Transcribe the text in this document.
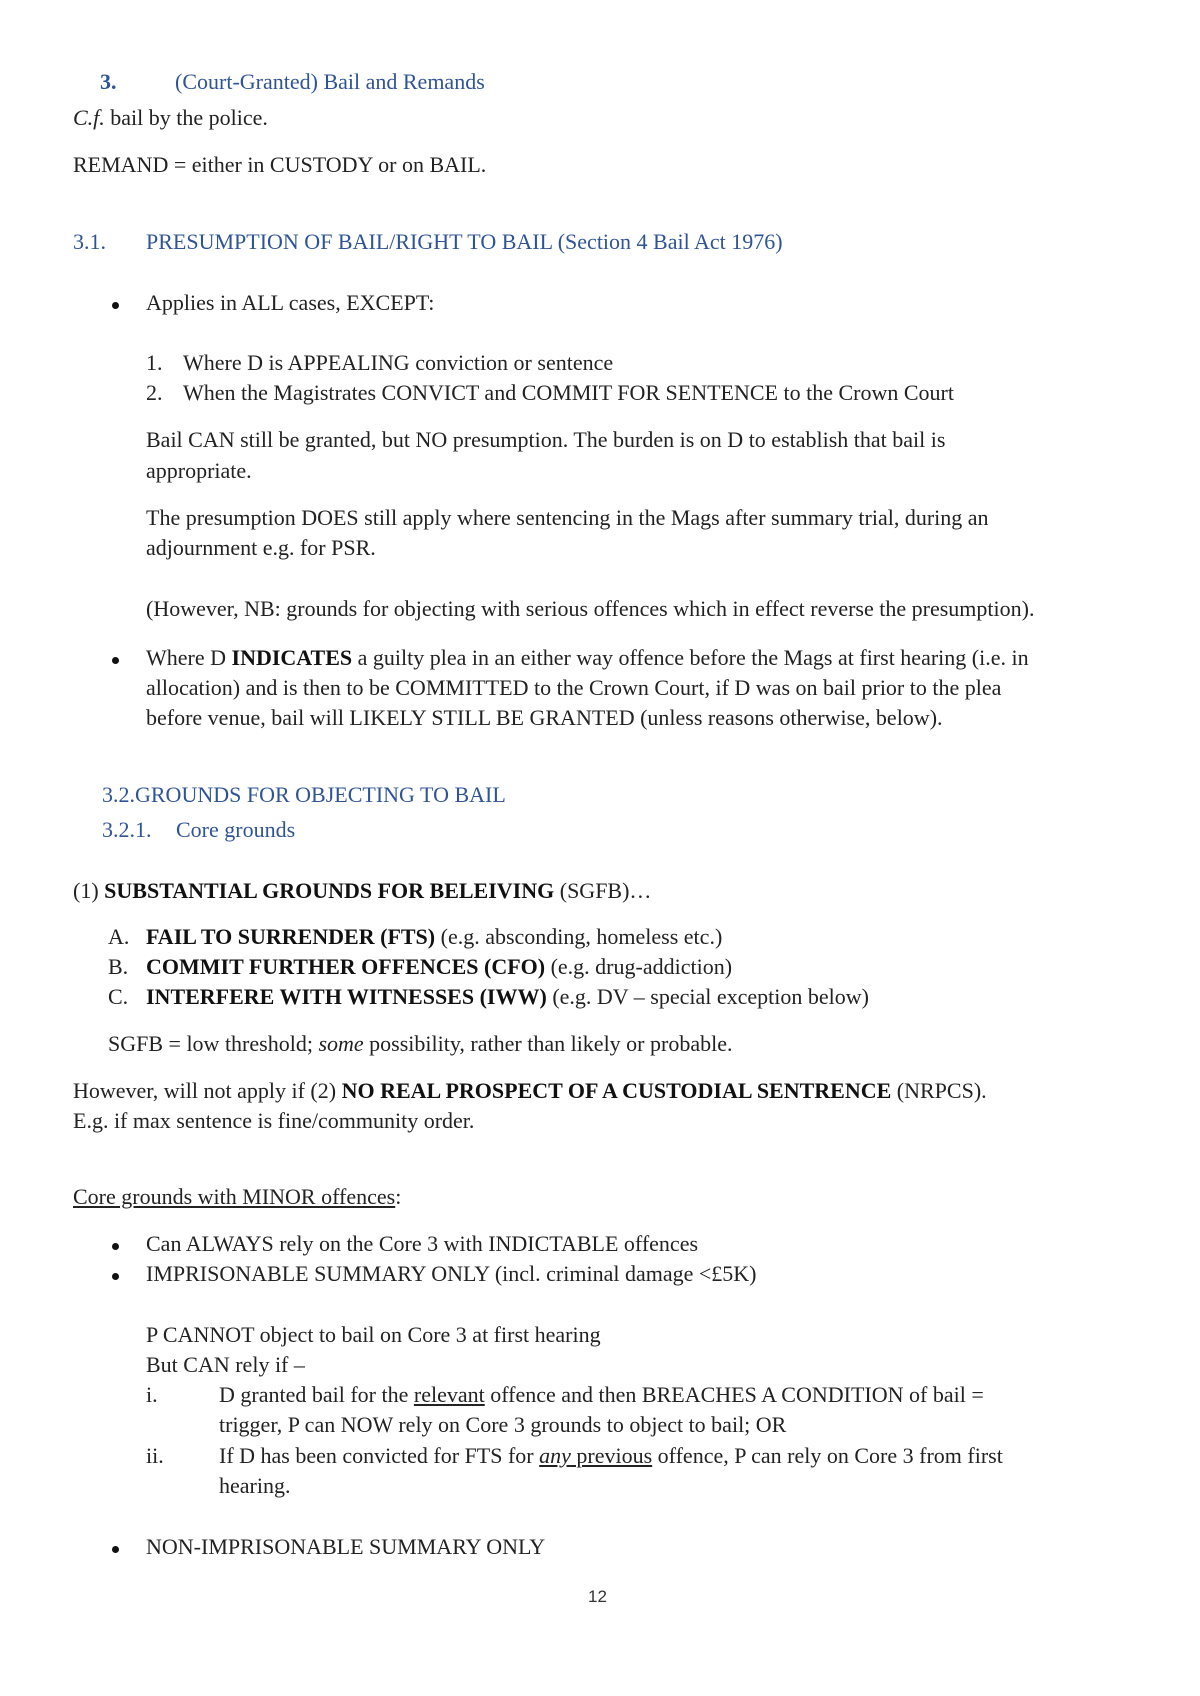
3.	(Court-Granted) Bail and Remands
C.f. bail by the police.
REMAND = either in CUSTODY or on BAIL.
3.1. PRESUMPTION OF BAIL/RIGHT TO BAIL (Section 4 Bail Act 1976)
Applies in ALL cases, EXCEPT:
1. Where D is APPEALING conviction or sentence
2. When the Magistrates CONVICT and COMMIT FOR SENTENCE to the Crown Court
Bail CAN still be granted, but NO presumption. The burden is on D to establish that bail is
appropriate.
The presumption DOES still apply where sentencing in the Mags after summary trial, during an
adjournment e.g. for PSR.
(However, NB: grounds for objecting with serious offences which in effect reverse the presumption).
Where D INDICATES a guilty plea in an either way offence before the Mags at first hearing (i.e. in
allocation) and is then to be COMMITTED to the Crown Court, if D was on bail prior to the plea
before venue, bail will LIKELY STILL BE GRANTED (unless reasons otherwise, below).
3.2.GROUNDS FOR OBJECTING TO BAIL
3.2.1. Core grounds
(1) SUBSTANTIAL GROUNDS FOR BELEIVING (SGFB)…
A. FAIL TO SURRENDER (FTS) (e.g. absconding, homeless etc.)
B. COMMIT FURTHER OFFENCES (CFO) (e.g. drug-addiction)
C. INTERFERE WITH WITNESSES (IWW) (e.g. DV – special exception below)
SGFB = low threshold; some possibility, rather than likely or probable.
However, will not apply if (2) NO REAL PROSPECT OF A CUSTODIAL SENTRENCE (NRPCS).
E.g. if max sentence is fine/community order.
Core grounds with MINOR offences:
Can ALWAYS rely on the Core 3 with INDICTABLE offences
IMPRISONABLE SUMMARY ONLY (incl. criminal damage <£5K)
P CANNOT object to bail on Core 3 at first hearing
But CAN rely if –
i.	D granted bail for the relevant offence and then BREACHES A CONDITION of bail =
trigger, P can NOW rely on Core 3 grounds to object to bail; OR
ii.	If D has been convicted for FTS for any previous offence, P can rely on Core 3 from first
hearing.
NON-IMPRISONABLE SUMMARY ONLY
12
